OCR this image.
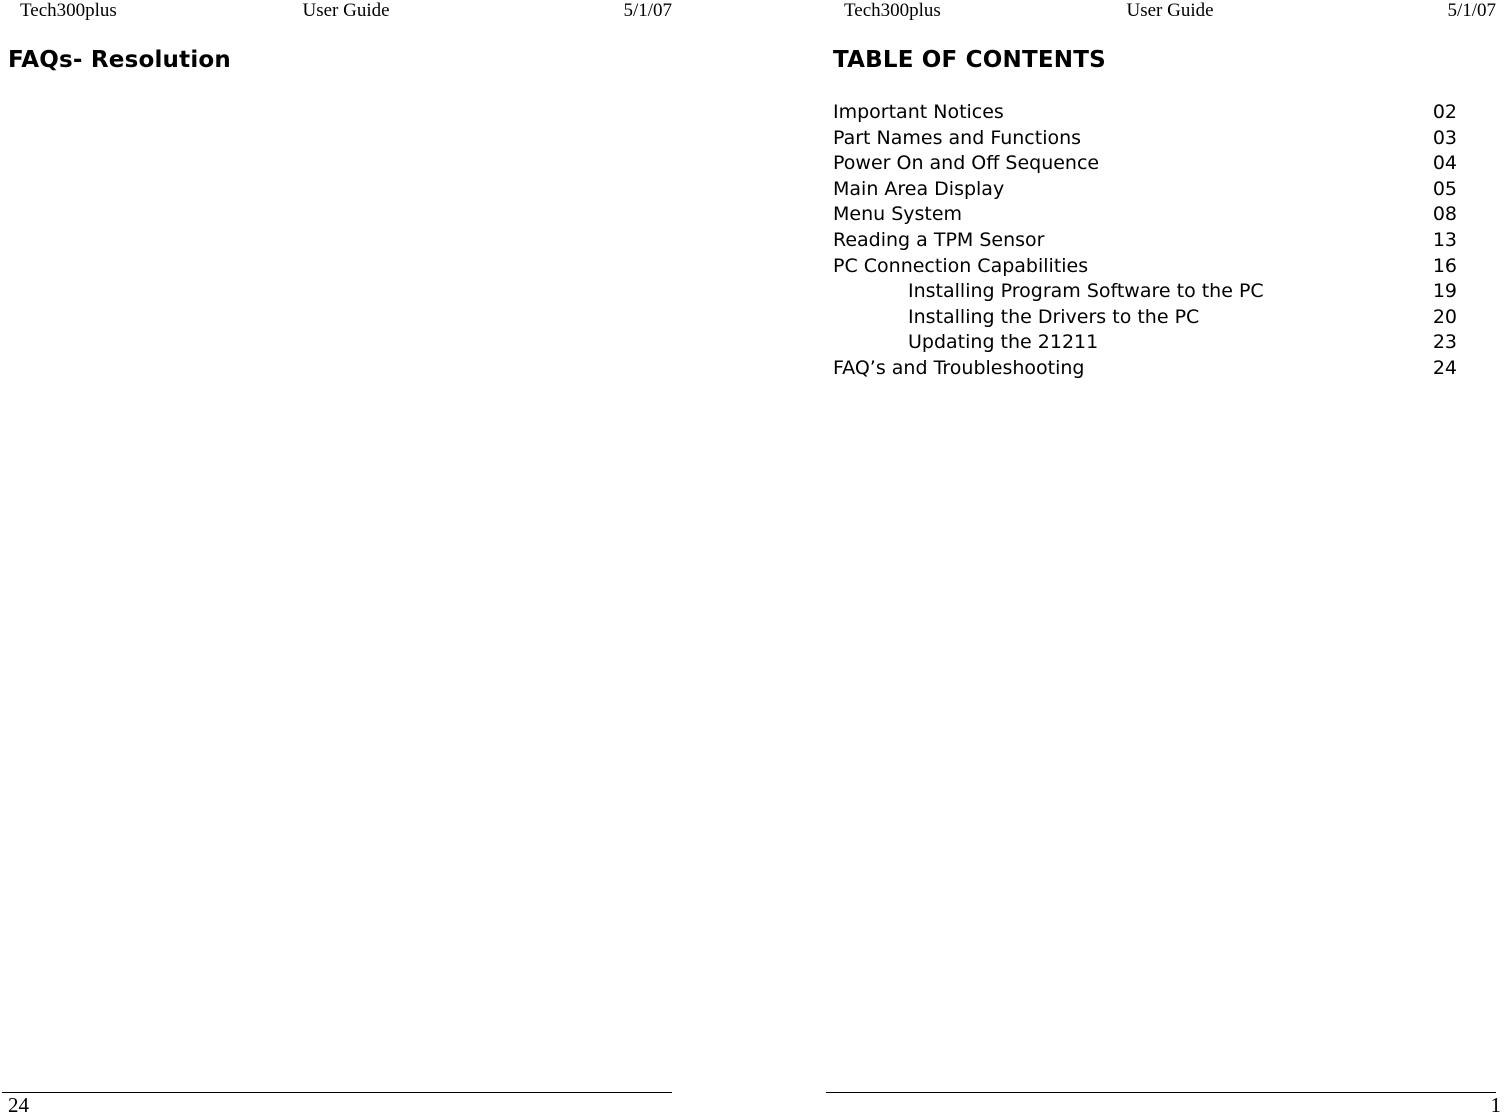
Tech300plus	User Guide	5/1/07
FAQs- Resolution
24
Tech300plus	User Guide	5/1/07
TABLE OF CONTENTS
Important Notices	02
Part Names and Functions	03
Power On and Off Sequence	04
Main Area Display	05
Menu System	08
Reading a TPM Sensor	13
PC Connection Capabilities	16
Installing Program Software to the PC	19
Installing the Drivers to the PC	20
Updating the 21211	23
FAQ’s and Troubleshooting	24
1
